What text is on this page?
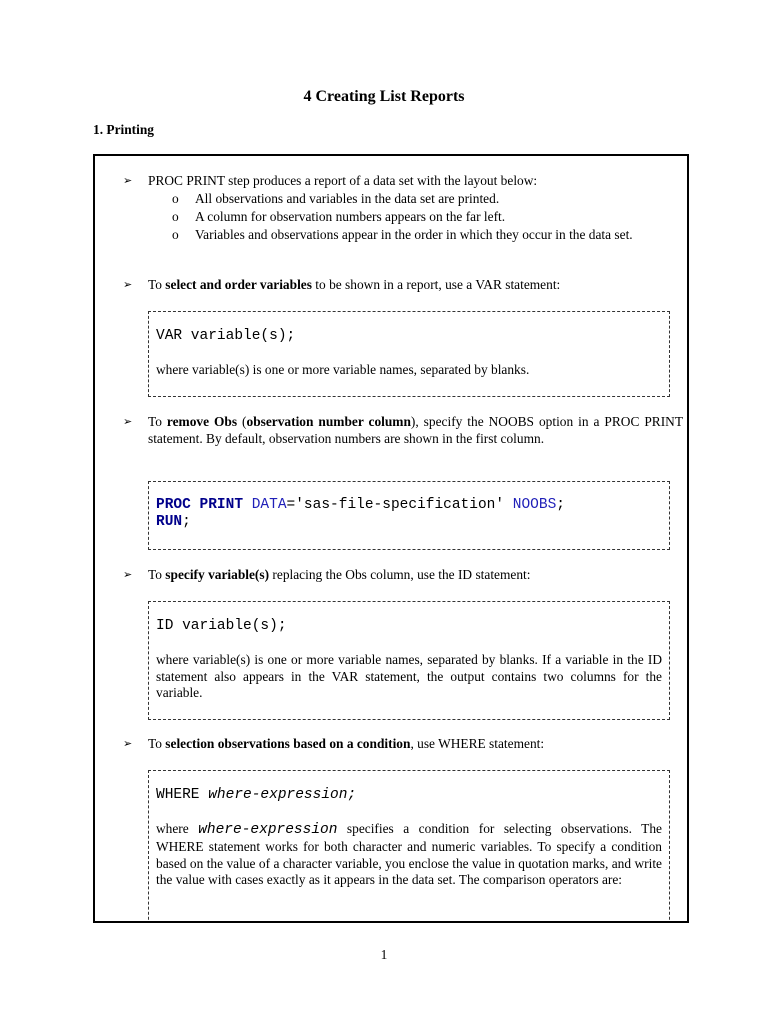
4 Creating List Reports
1. Printing
➢ PROC PRINT step produces a report of a data set with the layout below:
o All observations and variables in the data set are printed.
o A column for observation numbers appears on the far left.
o Variables and observations appear in the order in which they occur in the data set.
➢ To select and order variables to be shown in a report, use a VAR statement:
VAR variable(s);
where variable(s) is one or more variable names, separated by blanks.
➢ To remove Obs (observation number column), specify the NOOBS option in a PROC PRINT statement. By default, observation numbers are shown in the first column.
PROC PRINT DATA='sas-file-specification' NOOBS;
RUN;
➢ To specify variable(s) replacing the Obs column, use the ID statement:
ID variable(s);
where variable(s) is one or more variable names, separated by blanks. If a variable in the ID statement also appears in the VAR statement, the output contains two columns for the variable.
➢ To selection observations based on a condition, use WHERE statement:
WHERE where-expression;
where where-expression specifies a condition for selecting observations. The WHERE statement works for both character and numeric variables. To specify a condition based on the value of a character variable, you enclose the value in quotation marks, and write the value with cases exactly as it appears in the data set. The comparison operators are:
1
